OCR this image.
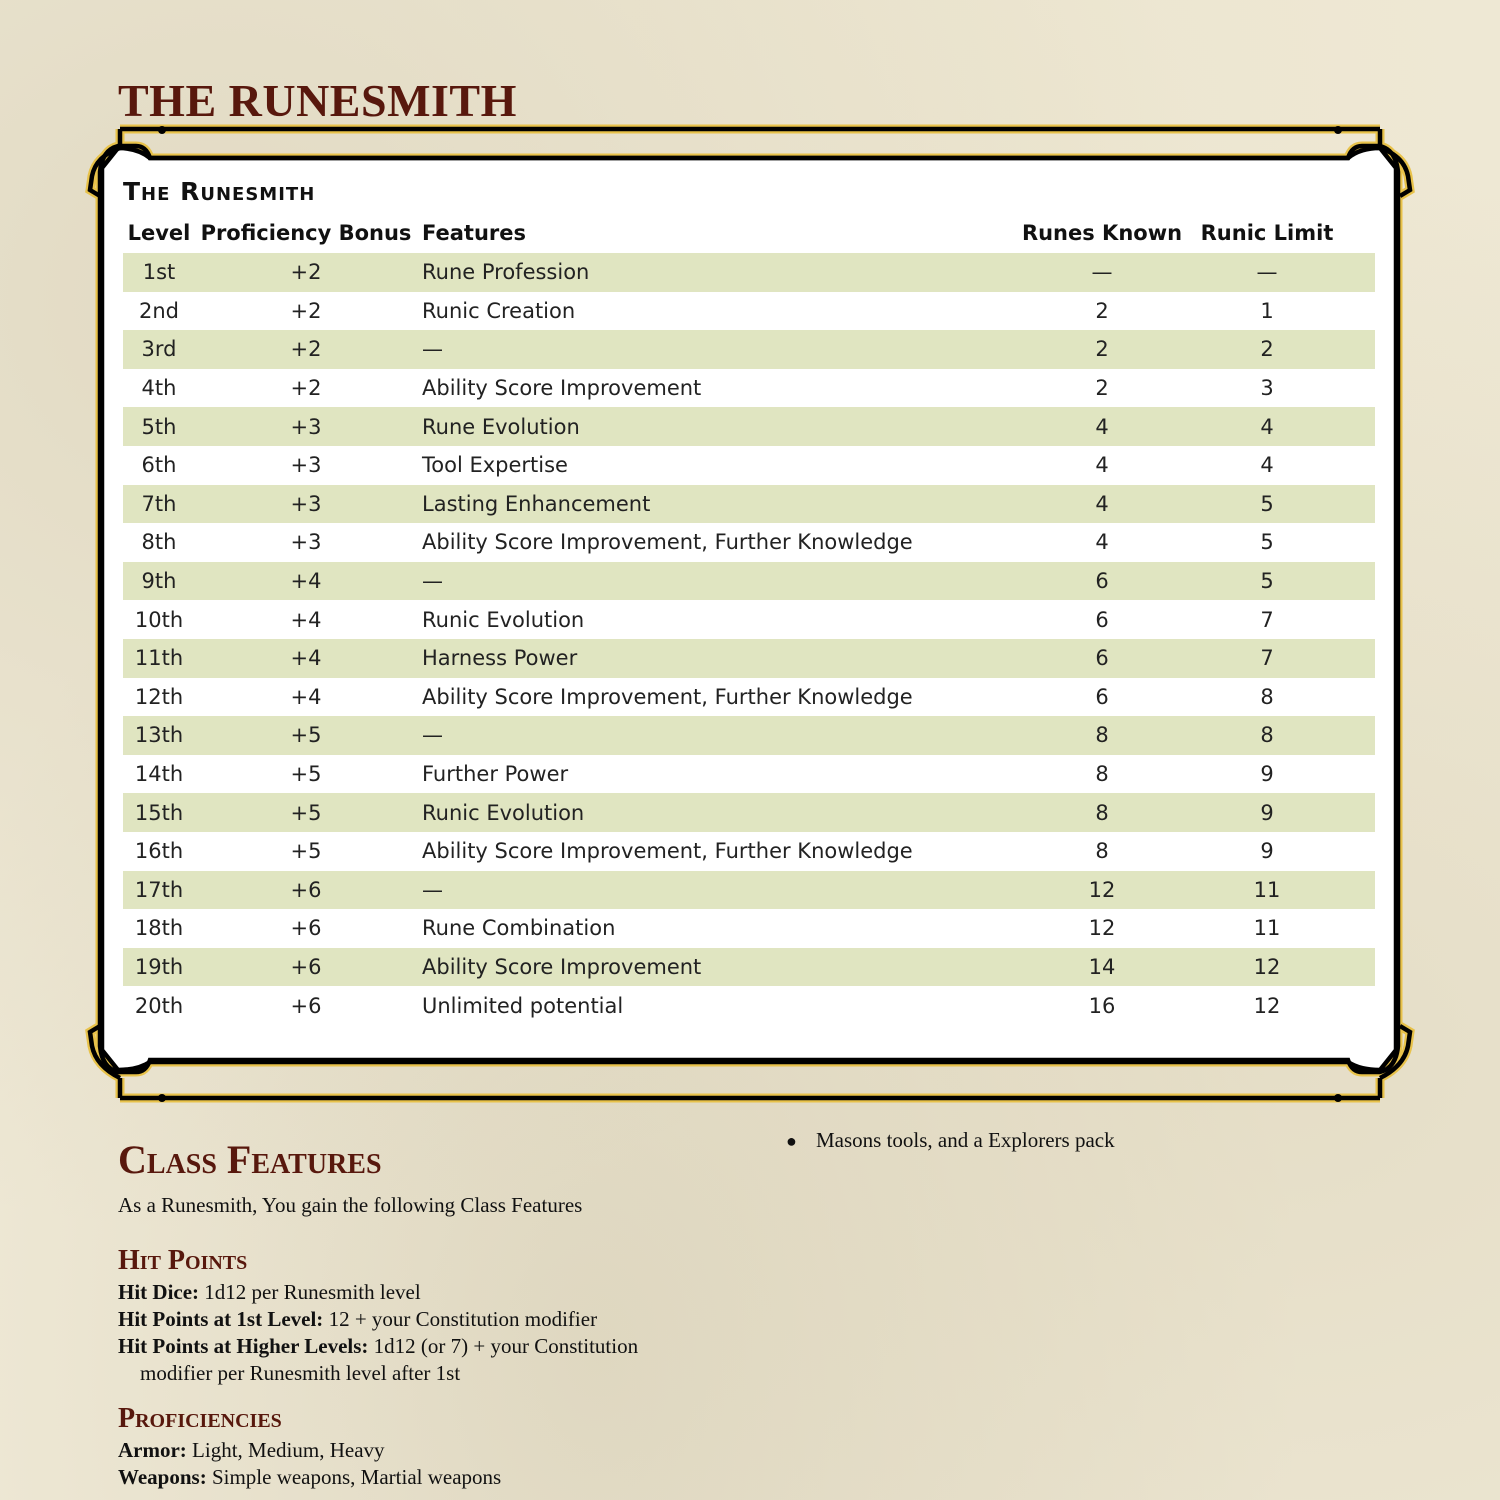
THE RUNESMITH
The Runesmith
Level	Proficiency Bonus	Features	Runes Known	Runic Limit	
1st	+2	Rune Profession	—	—	
2nd	+2	Runic Creation	2	1	
3rd	+2	—	2	2	
4th	+2	Ability Score Improvement	2	3	
5th	+3	Rune Evolution	4	4	
6th	+3	Tool Expertise	4	4	
7th	+3	Lasting Enhancement	4	5	
8th	+3	Ability Score Improvement, Further Knowledge	4	5	
9th	+4	—	6	5	
10th	+4	Runic Evolution	6	7	
11th	+4	Harness Power	6	7	
12th	+4	Ability Score Improvement, Further Knowledge	6	8	
13th	+5	—	8	8	
14th	+5	Further Power	8	9	
15th	+5	Runic Evolution	8	9	
16th	+5	Ability Score Improvement, Further Knowledge	8	9	
17th	+6	—	12	11	
18th	+6	Rune Combination	12	11	
19th	+6	Ability Score Improvement	14	12	
20th	+6	Unlimited potential	16	12	
Class Features

As a Runesmith, You gain the following Class Features

Hit Points

Hit Dice: 1d12 per Runesmith level

Hit Points at 1st Level: 12 + your Constitution modifier

Hit Points at Higher Levels: 1d12 (or 7) + your Constitution

modifier per Runesmith level after 1st

Proficiencies

Armor: Light, Medium, Heavy

Weapons: Simple weapons, Martial weapons

● Masons tools, and a Explorers pack
